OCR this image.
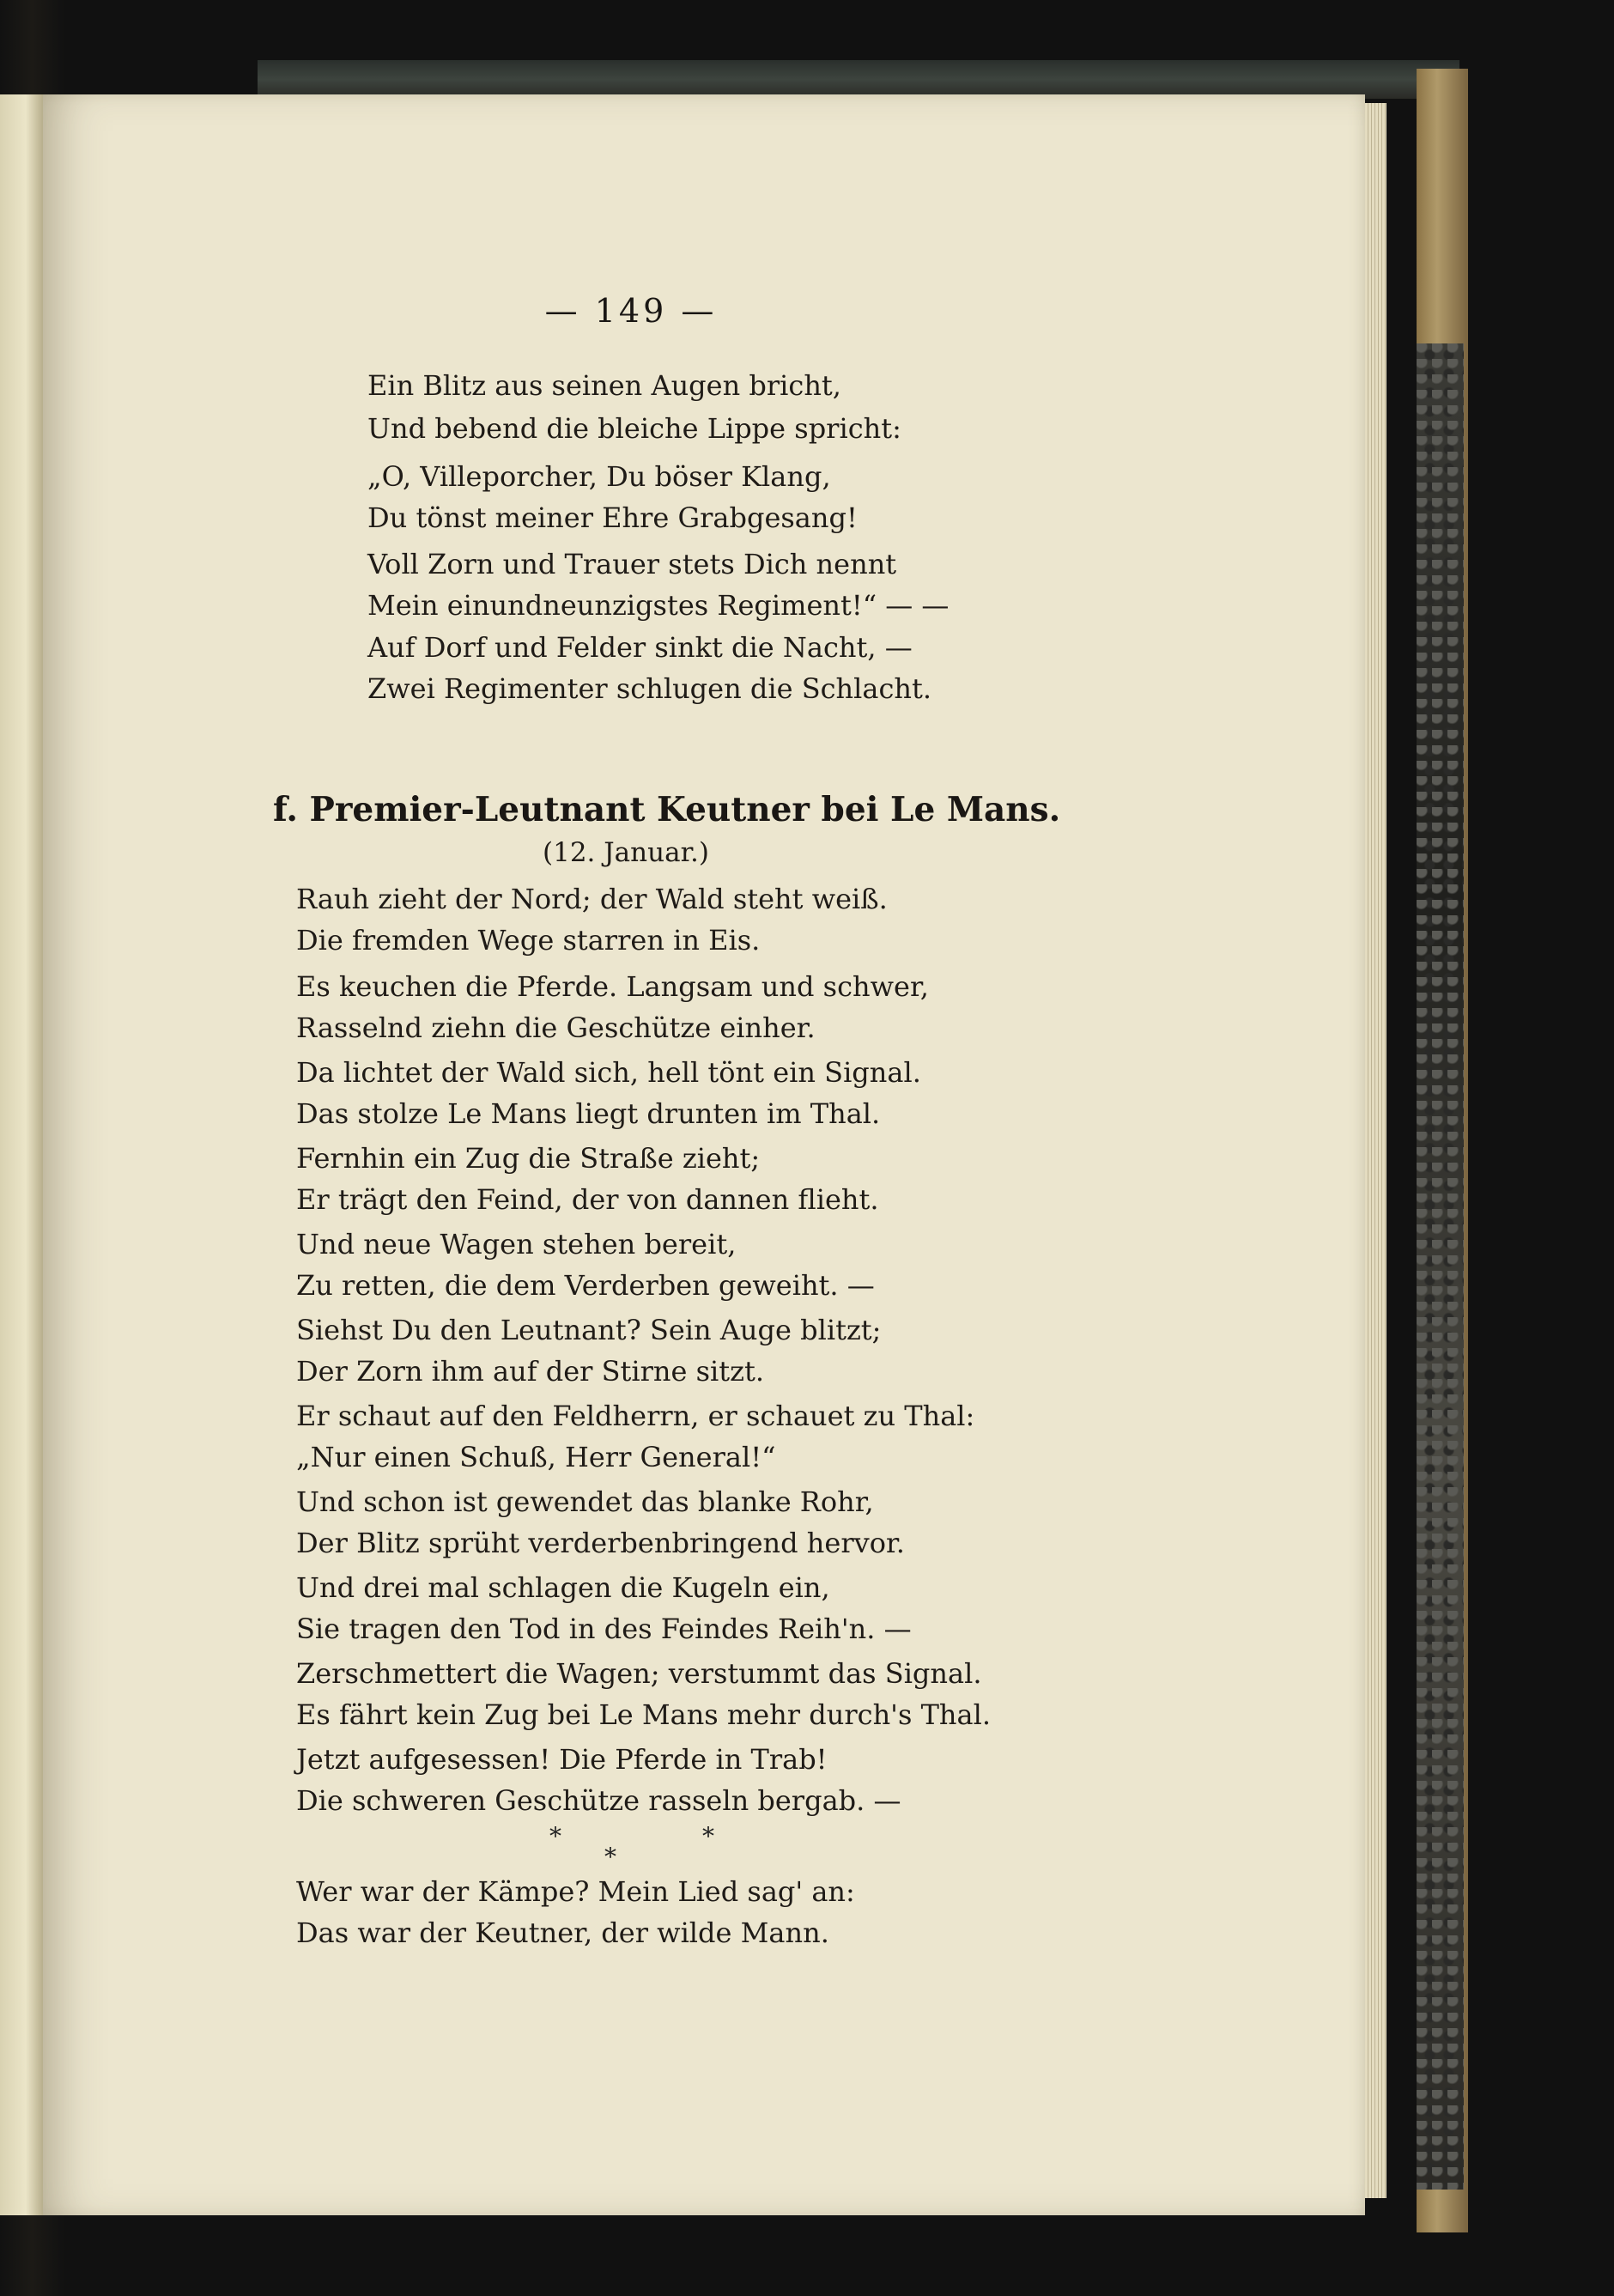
— 149 —
Ein Blitz aus seinen Augen bricht,
Und bebend die bleiche Lippe spricht:
„O, Villeporcher, Du böser Klang,
Du tönst meiner Ehre Grabgesang!
Voll Zorn und Trauer stets Dich nennt
Mein einundneunzigstes Regiment!“ — —
Auf Dorf und Felder sinkt die Nacht, —
Zwei Regimenter schlugen die Schlacht.
f. Premier-Leutnant Keutner bei Le Mans.
(12. Januar.)
Rauh zieht der Nord; der Wald steht weiß.
Die fremden Wege starren in Eis.
Es keuchen die Pferde. Langsam und schwer,
Rasselnd ziehn die Geschütze einher.
Da lichtet der Wald sich, hell tönt ein Signal.
Das stolze Le Mans liegt drunten im Thal.
Fernhin ein Zug die Straße zieht;
Er trägt den Feind, der von dannen flieht.
Und neue Wagen stehen bereit,
Zu retten, die dem Verderben geweiht. —
Siehst Du den Leutnant? Sein Auge blitzt;
Der Zorn ihm auf der Stirne sitzt.
Er schaut auf den Feldherrn, er schauet zu Thal:
„Nur einen Schuß, Herr General!“
Und schon ist gewendet das blanke Rohr,
Der Blitz sprüht verderbenbringend hervor.
Und drei mal schlagen die Kugeln ein,
Sie tragen den Tod in des Feindes Reih'n. —
Zerschmettert die Wagen; verstummt das Signal.
Es fährt kein Zug bei Le Mans mehr durch's Thal.
Jetzt aufgesessen! Die Pferde in Trab!
Die schweren Geschütze rasseln bergab. —
*
*
*
Wer war der Kämpe? Mein Lied sag' an:
Das war der Keutner, der wilde Mann.
